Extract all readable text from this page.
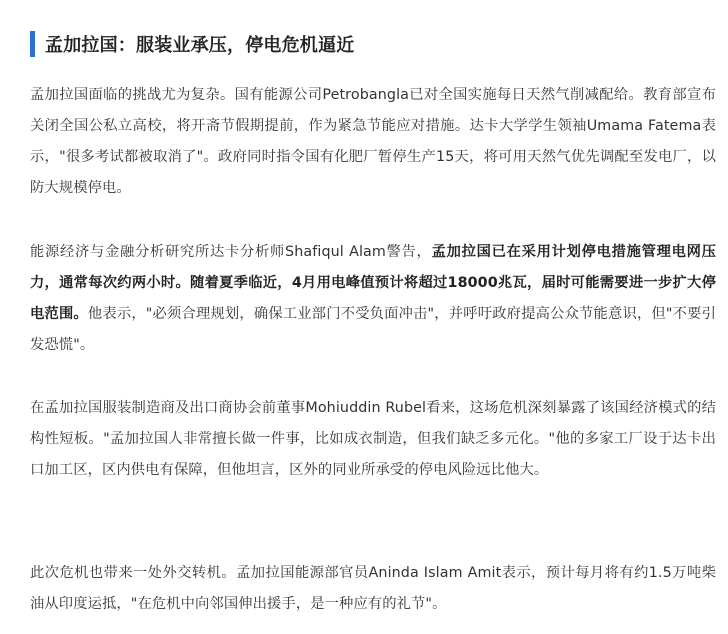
孟加拉国：服装业承压，停电危机逼近

孟加拉国面临的挑战尤为复杂。国有能源公司Petrobangla已对全国实施每日天然气削减配给。教育部宣布关闭全国公私立高校，将开斋节假期提前，作为紧急节能应对措施。达卡大学学生领袖Umama Fatema表示，"很多考试都被取消了"。政府同时指令国有化肥厂暂停生产15天，将可用天然气优先调配至发电厂，以防大规模停电。

能源经济与金融分析研究所达卡分析师Shafiqul Alam警告，孟加拉国已在采用计划停电措施管理电网压力，通常每次约两小时。随着夏季临近，4月用电峰值预计将超过18000兆瓦，届时可能需要进一步扩大停电范围。他表示，"必须合理规划，确保工业部门不受负面冲击"，并呼吁政府提高公众节能意识，但"不要引发恐慌"。

在孟加拉国服装制造商及出口商协会前董事Mohiuddin Rubel看来，这场危机深刻暴露了该国经济模式的结构性短板。"孟加拉国人非常擅长做一件事，比如成衣制造，但我们缺乏多元化。"他的多家工厂设于达卡出口加工区，区内供电有保障，但他坦言，区外的同业所承受的停电风险远比他大。

此次危机也带来一处外交转机。孟加拉国能源部官员Aninda Islam Amit表示，预计每月将有约1.5万吨柴油从印度运抵，"在危机中向邻国伸出援手，是一种应有的礼节"。
